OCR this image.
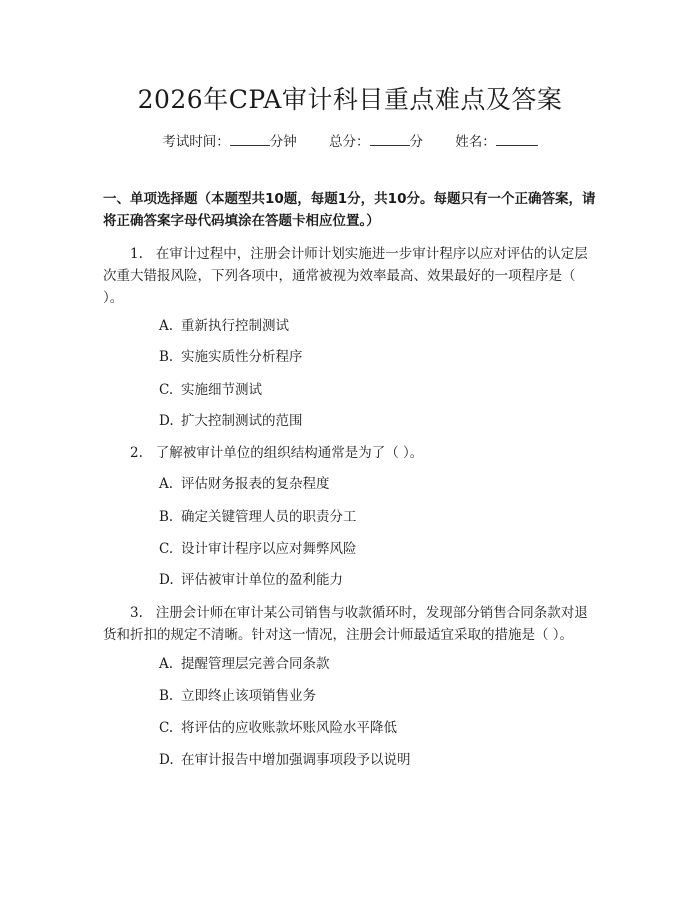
2026年CPA审计科目重点难点及答案
考试时间：	分钟 总分：	分 姓名：
一、单项选择题（本题型共10题，每题1分，共10分。每题只有一个正确答案，请将正确答案字母代码填涂在答题卡相应位置。）
1. 在审计过程中，注册会计师计划实施进一步审计程序以应对评估的认定层次重大错报风险，下列各项中，通常被视为效率最高、效果最好的一项程序是（ ）。
A. 重新执行控制测试
B. 实施实质性分析程序
C. 实施细节测试
D. 扩大控制测试的范围
2. 了解被审计单位的组织结构通常是为了（ ）。
A. 评估财务报表的复杂程度
B. 确定关键管理人员的职责分工
C. 设计审计程序以应对舞弊风险
D. 评估被审计单位的盈利能力
3. 注册会计师在审计某公司销售与收款循环时，发现部分销售合同条款对退货和折扣的规定不清晰。针对这一情况，注册会计师最适宜采取的措施是（ ）。
A. 提醒管理层完善合同条款
B. 立即终止该项销售业务
C. 将评估的应收账款坏账风险水平降低
D. 在审计报告中增加强调事项段予以说明
